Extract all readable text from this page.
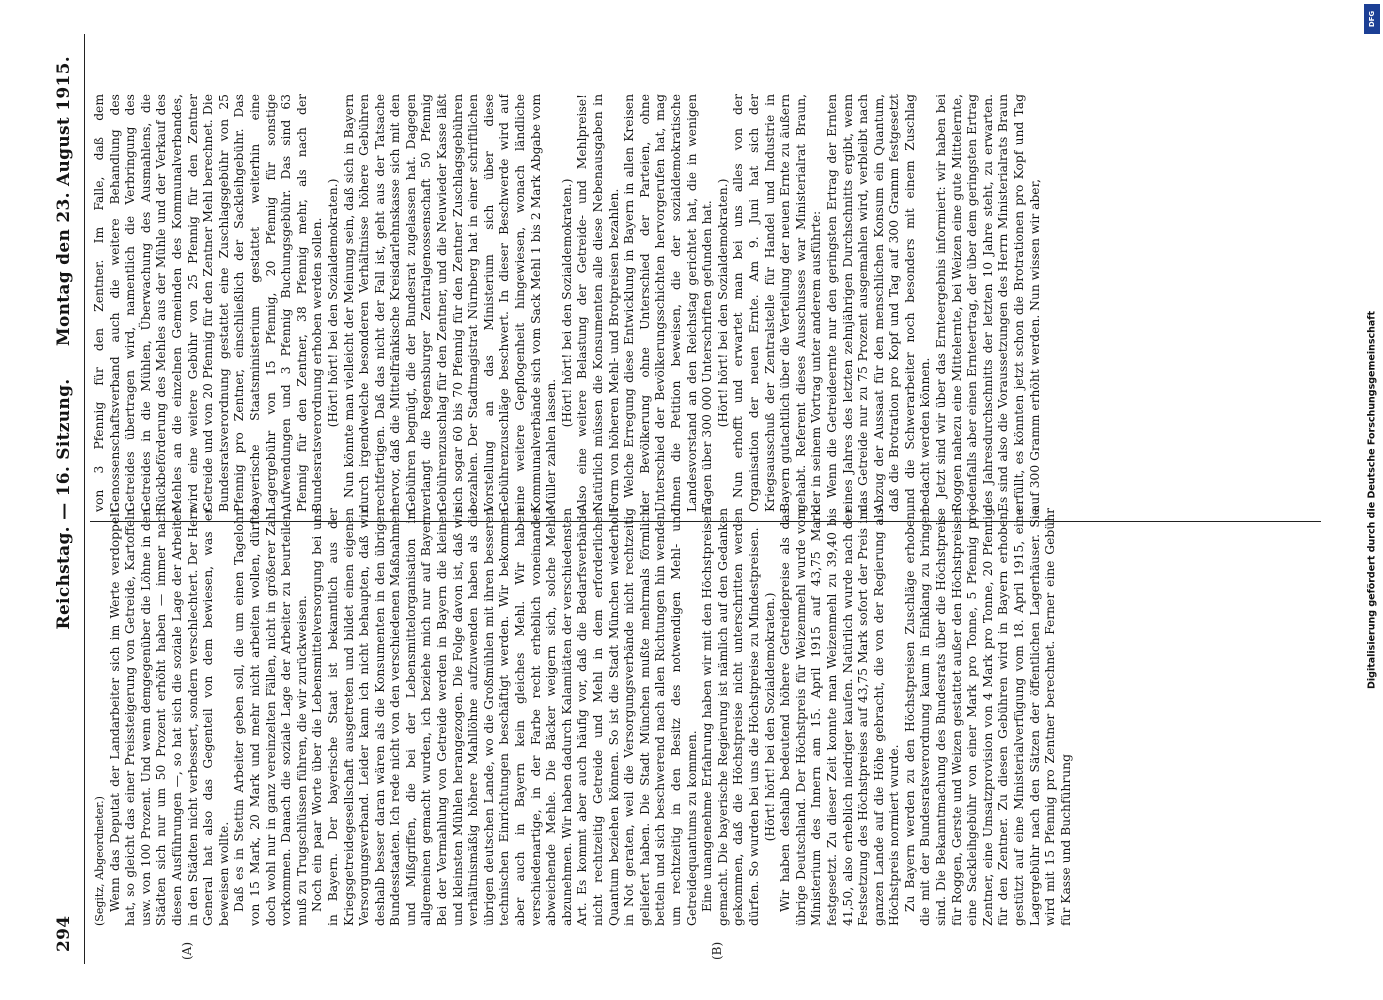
294
Reichstag. — 16. Sitzung.
Montag den 23. August 1915.
(A)	(B)

(Segitz, Abgeordneter.) Wenn das Deputat der Landarbeiter sich im Werte verdoppelt hat, so gleicht das einer Preissteigerung von Getreide, Kartoffeln usw. von 100 Prozent. Und wenn demgegenüber die Löhne in den Städten sich nur um 50 Prozent erhöht haben — immer nach diesen Ausführungen —, so hat sich die soziale Lage der Arbeiter in den Städten nicht verbessert, sondern verschlechtert. Der Herr General hat also das Gegenteil von dem bewiesen, was er beweisen wollte. Daß es in Stettin Arbeiter geben soll, die um einen Tagelohn von 15 Mark, 20 Mark und mehr nicht arbeiten wollen, dürfte doch wohl nur in ganz vereinzelten Fällen, nicht in größerer Zahl vorkommen. Danach die soziale Lage der Arbeiter zu beurteilen, muß zu Trugschlüssen führen, die wir zurückweisen. Noch ein paar Worte über die Lebensmittelversorgung bei uns in Bayern. Der bayerische Staat ist bekanntlich aus der Kriegsgetreidegesellschaft ausgetreten und bildet einen eigenen Versorgungsverband. Leider kann ich nicht behaupten, daß wir deshalb besser daran wären als die Konsumenten in den übrigen Bundesstaaten. Ich rede nicht von den verschiedenen Maßnahmen und Mißgriffen, die bei der Lebensmittelorganisation im allgemeinen gemacht wurden, ich beziehe mich nur auf Bayern. Bei der Vermahlung von Getreide werden in Bayern die kleinen und kleinsten Mühlen herangezogen. Die Folge davon ist, daß wir verhältnismäßig höhere Mahllöhne aufzuwenden haben als die übrigen deutschen Lande, wo die Großmühlen mit ihren besseren technischen Einrichtungen beschäftigt werden. Wir bekommen aber auch in Bayern kein gleiches Mehl. Wir haben verschiedenartige, in der Farbe recht erheblich voneinander abweichende Mehle. Die Bäcker weigern sich, solche Mehle abzunehmen. Wir haben dadurch Kalamitäten der verschiedensten Art. Es kommt aber auch häufig vor, daß die Bedarfsverbände nicht rechtzeitig Getreide und Mehl in dem erforderlichen Quantum beziehen können. So ist die Stadt München wiederholt in Not geraten, weil die Versorgungsverbände nicht rechtzeitig geliefert haben. Die Stadt München mußte mehrmals förmlich betteln und sich beschwerend nach allen Richtungen hin wenden, um rechtzeitig in den Besitz des notwendigen Mehl- und Getreidequantums zu kommen. Eine unangenehme Erfahrung haben wir mit den Höchstpreisen gemacht. Die bayerische Regierung ist nämlich auf den Gedanken gekommen, daß die Höchstpreise nicht unterschritten werden dürfen. So wurden bei uns die Höchstpreise zu Mindestpreisen. (Hört! hört! bei den Sozialdemokraten.) Wir haben deshalb bedeutend höhere Getreidepreise als das übrige Deutschland. Der Höchstpreis für Weizenmehl wurde vom Ministerium des Innern am 15. April 1915 auf 43,75 Mark festgesetzt. Zu dieser Zeit konnte man Weizenmehl zu 39,40 bis 41,50, also erheblich niedriger kaufen. Natürlich wurde nach der Festsetzung des Höchstpreises auf 43,75 Mark sofort der Preis im ganzen Lande auf die Höhe gebracht, die von der Regierung als Höchstpreis normiert wurde. Zu Bayern werden zu den Höchstpreisen Zuschläge erhoben, die mit der Bundesratsverordnung kaum in Einklang zu bringen sind. Die Bekanntmachung des Bundesrats über die Höchstpreise für Roggen, Gerste und Weizen gestattet außer den Höchstpreisen eine Sackleihgebühr von einer Mark pro Tonne, 5 Pfennig pro Zentner, eine Umsatzprovision von 4 Mark pro Tonne, 20 Pfennig für den Zentner. Zu diesen Gebühren wird in Bayern erhoben, gestützt auf eine Ministerialverfügung vom 18. April 1915, eine Lagergebühr nach den Sätzen der öffentlichen Lagerhäuser. Sie wird mit 15 Pfennig pro Zentner berechnet. Ferner eine Gebühr für Kasse und Buchführung

von 3 Pfennig für den Zentner. Im Falle, daß dem Genossenschaftsverband auch die weitere Behandlung des Getreides übertragen wird, namentlich die Verbringung des Getreides in die Mühlen, Überwachung des Ausmahlens, die Rückbeförderung des Mehles aus der Mühle und der Verkauf des Mehles an die einzelnen Gemeinden des Kommunalverbandes, wird eine weitere Gebühr von 25 Pfennig für den Zentner Getreide und von 20 Pfennig für den Zentner Mehl berechnet. Die Bundesratsverordnung gestattet eine Zuschlagsgebühr von 25 Pfennig pro Zentner, einschließlich der Sackleihgebühr. Das bayerische Staatsministerium gestattet weiterhin eine Lagergebühr von 15 Pfennig, 20 Pfennig für sonstige Aufwendungen und 3 Pfennig Buchungsgebühr. Das sind 63 Pfennig für den Zentner, 38 Pfennig mehr, als nach der Bundesratsverordnung erhoben werden sollen. (Hört! hört! bei den Sozialdemokraten.) Nun könnte man vielleicht der Meinung sein, daß sich in Bayern durch irgendwelche besonderen Verhältnisse höhere Gebühren rechtfertigen. Daß das nicht der Fall ist, geht aus der Tatsache hervor, daß die Mittelfränkische Kreisdarlehnskasse sich mit den Gebühren begnügt, die der Bundesrat zugelassen hat. Dagegen verlangt die Regensburger Zentralgenossenschaft 50 Pfennig Gebührenzuschlag für den Zentner, und die Neuwieder Kasse läßt sich sogar 60 bis 70 Pfennig für den Zentner Zuschlagsgebühren bezahlen. Der Stadtmagistrat Nürnberg hat in einer schriftlichen Vorstellung an das Ministerium sich über diese Gebührenzuschläge beschwert. In dieser Beschwerde wird auf eine weitere Gepflogenheit hingewiesen, wonach ländliche Kommunalverbände sich vom Sack Mehl 1 bis 2 Mark Abgabe vom Müller zahlen lassen.

(Hört! hört! bei den Sozialdemokraten.) Also eine weitere Belastung der Getreide- und Mehlpreise! Natürlich müssen die Konsumenten alle diese Nebenausgaben in Form von höheren Mehl- und Brotpreisen bezahlen. Welche Erregung diese Entwicklung in Bayern in allen Kreisen der Bevölkerung ohne Unterschied der Parteien, ohne Unterschied der Bevölkerungsschichten hervorgerufen hat, mag Ihnen die Petition beweisen, die der sozialdemokratische Landesvorstand an den Reichstag gerichtet hat, die in wenigen Tagen über 300 000 Unterschriften gefunden hat. (Hört! hört! bei den Sozialdemokraten.) Nun erhofft und erwartet man bei uns alles von der Organisation der neuen Ernte. Am 9. Juni hat sich der Kriegsausschuß der Zentralstelle für Handel und Industrie in Bayern gutachtlich über die Verteilung der neuen Ernte zu äußern gehabt. Referent dieses Ausschusses war Ministerialrat Braun, der in seinem Vortrag unter anderem ausführte: Wenn die Getreideernte nur den geringsten Ertrag der Ernten eines Jahres des letzten zehnjährigen Durchschnitts ergibt, wenn das Getreide nur zu 75 Prozent ausgemahlen wird, verbleibt nach Abzug der Aussaat für den menschlichen Konsum ein Quantum, daß die Brotration pro Kopf und Tag auf 300 Gramm festgesetzt und die Schwerarbeiter noch besonders mit einem Zuschlag bedacht werden können. Jetzt sind wir über das Ernteergebnis informiert: wir haben bei Roggen nahezu eine Mittelernte, bei Weizen eine gute Mittelernte, jedenfalls aber einen Ernteertrag, der über dem geringsten Ertrag des Jahresdurchschnitts der letzten 10 Jahre steht, zu erwarten. Es sind also die Voraussetzungen des Herrn Ministerialrats Braun erfüllt, es könnten jetzt schon die Brotrationen pro Kopf und Tag auf 300 Gramm erhöht werden. Nun wissen wir aber,

DFG
Digitalisierung gefördert durch die Deutsche Forschungsgemeinschaft
